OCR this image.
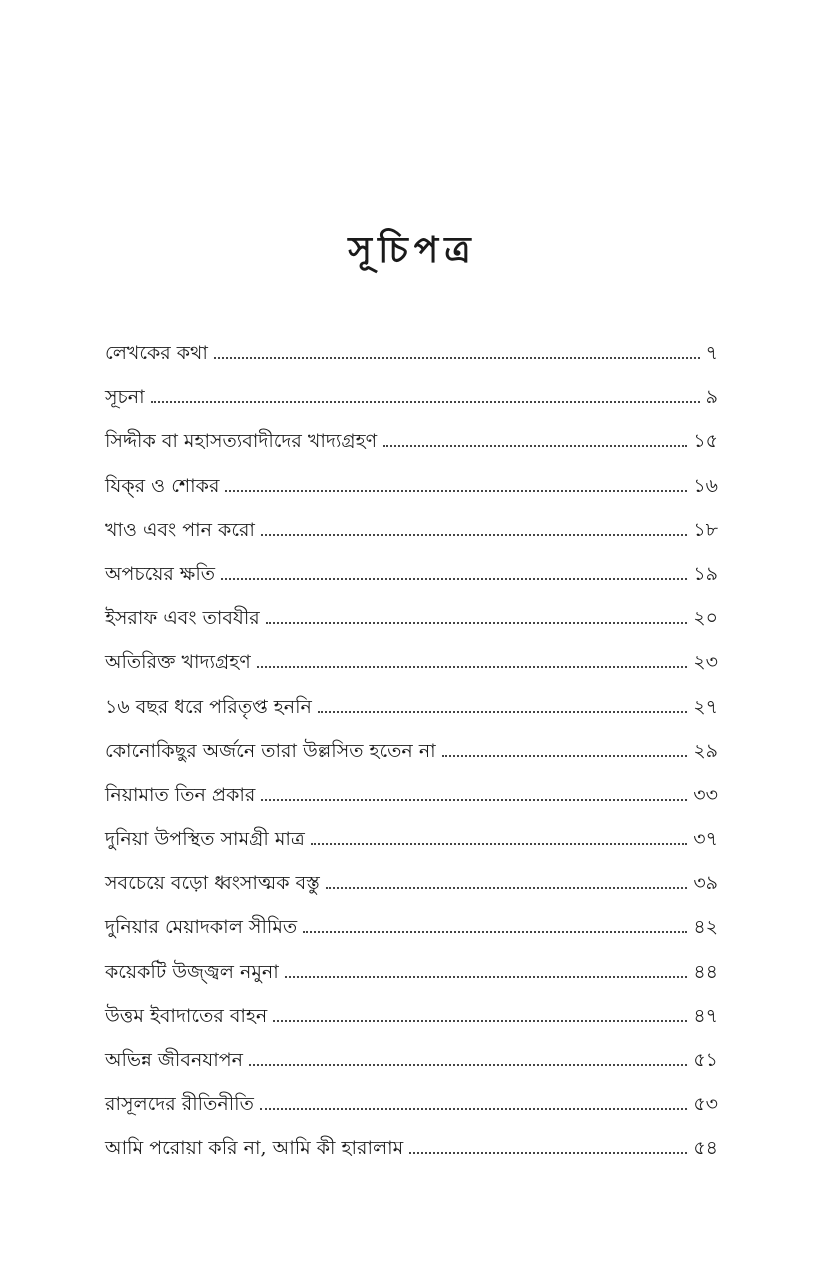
সূচিপত্র
লেখকের কথা	৭
সূচনা	৯
সিদ্দীক বা মহাসত্যবাদীদের খাদ্যগ্রহণ	১৫
যিক্‌র ও শোকর	১৬
খাও এবং পান করো	১৮
অপচয়ের ক্ষতি	১৯
ইসরাফ এবং তাবযীর	২০
অতিরিক্ত খাদ্যগ্রহণ	২৩
১৬ বছর ধরে পরিতৃপ্ত হননি	২৭
কোনোকিছুর অর্জনে তারা উল্লসিত হতেন না	২৯
নিয়ামাত তিন প্রকার	৩৩
দুনিয়া উপস্থিত সামগ্রী মাত্র	৩৭
সবচেয়ে বড়ো ধ্বংসাত্মক বস্তু	৩৯
দুনিয়ার মেয়াদকাল সীমিত	৪২
কয়েকটি উজ্জ্বল নমুনা	৪৪
উত্তম ইবাদাতের বাহন	৪৭
অভিন্ন জীবনযাপন	৫১
রাসূলদের রীতিনীতি	৫৩
আমি পরোয়া করি না, আমি কী হারালাম	৫৪
